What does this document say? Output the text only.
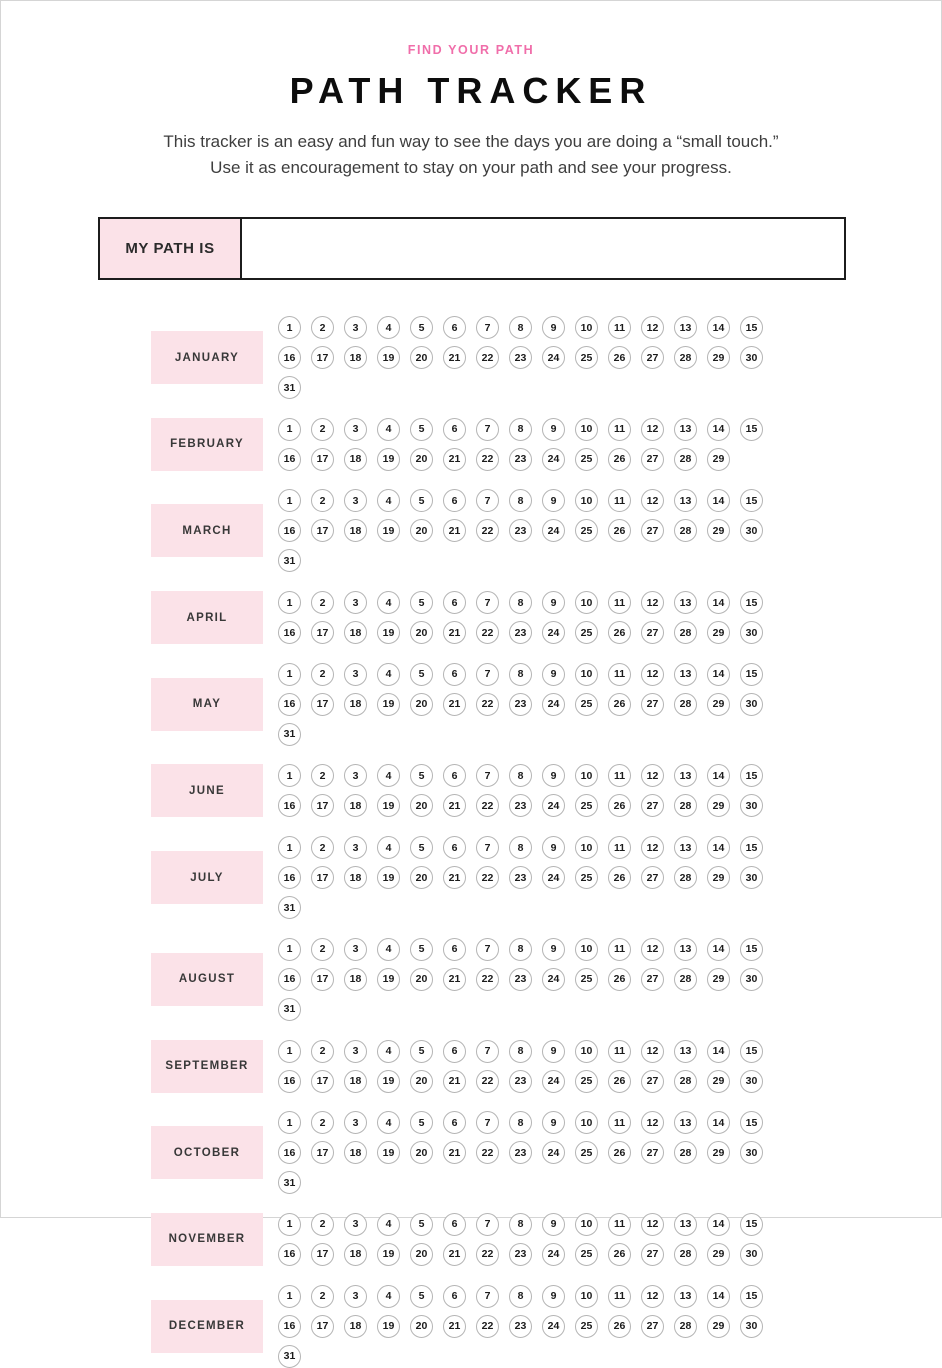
FIND YOUR PATH
PATH TRACKER
This tracker is an easy and fun way to see the days you are doing a “small touch.”
Use it as encouragement to stay on your path and see your progress.
MY PATH IS
JANUARY
1	2	3	4	5	6	7	8	9	10	11	12	13	14	15
16	17	18	19	20	21	22	23	24	25	26	27	28	29	30
31
FEBRUARY
1	2	3	4	5	6	7	8	9	10	11	12	13	14	15
16	17	18	19	20	21	22	23	24	25	26	27	28	29
MARCH
1	2	3	4	5	6	7	8	9	10	11	12	13	14	15
16	17	18	19	20	21	22	23	24	25	26	27	28	29	30
31
APRIL
1	2	3	4	5	6	7	8	9	10	11	12	13	14	15
16	17	18	19	20	21	22	23	24	25	26	27	28	29	30
MAY
1	2	3	4	5	6	7	8	9	10	11	12	13	14	15
16	17	18	19	20	21	22	23	24	25	26	27	28	29	30
31
JUNE
1	2	3	4	5	6	7	8	9	10	11	12	13	14	15
16	17	18	19	20	21	22	23	24	25	26	27	28	29	30
JULY
1	2	3	4	5	6	7	8	9	10	11	12	13	14	15
16	17	18	19	20	21	22	23	24	25	26	27	28	29	30
31
AUGUST
1	2	3	4	5	6	7	8	9	10	11	12	13	14	15
16	17	18	19	20	21	22	23	24	25	26	27	28	29	30
31
SEPTEMBER
1	2	3	4	5	6	7	8	9	10	11	12	13	14	15
16	17	18	19	20	21	22	23	24	25	26	27	28	29	30
OCTOBER
1	2	3	4	5	6	7	8	9	10	11	12	13	14	15
16	17	18	19	20	21	22	23	24	25	26	27	28	29	30
31
NOVEMBER
1	2	3	4	5	6	7	8	9	10	11	12	13	14	15
16	17	18	19	20	21	22	23	24	25	26	27	28	29	30
DECEMBER
1	2	3	4	5	6	7	8	9	10	11	12	13	14	15
16	17	18	19	20	21	22	23	24	25	26	27	28	29	30
31
